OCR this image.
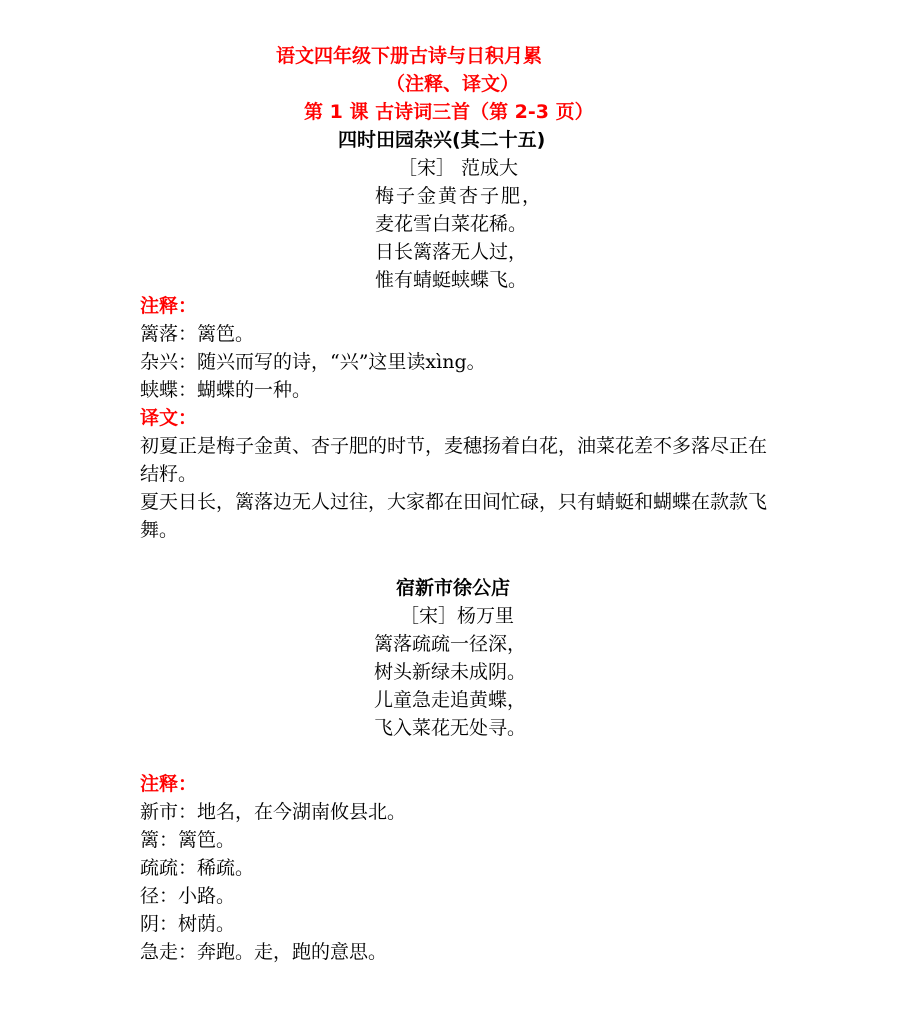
语文四年级下册古诗与日积月累
（注释、译文）
第 1 课 古诗词三首（第 2-3 页）
四时田园杂兴(其二十五)
［宋］ 范成大
梅子金黄杏子肥，
麦花雪白菜花稀。
日长篱落无人过，
惟有蜻蜓蛱蝶飞。
注释：
篱落：篱笆。
杂兴：随兴而写的诗，“兴”这里读xìng。
蛱蝶：蝴蝶的一种。
译文：
初夏正是梅子金黄、杏子肥的时节，麦穗扬着白花，油菜花差不多落尽正在结籽。
夏天日长，篱落边无人过往，大家都在田间忙碌，只有蜻蜓和蝴蝶在款款飞舞。
宿新市徐公店
［宋］杨万里
篱落疏疏一径深，
树头新绿未成阴。
儿童急走追黄蝶，
飞入菜花无处寻。
注释：
新市：地名，在今湖南攸县北。
篱：篱笆。
疏疏：稀疏。
径：小路。
阴：树荫。
急走：奔跑。走，跑的意思。
